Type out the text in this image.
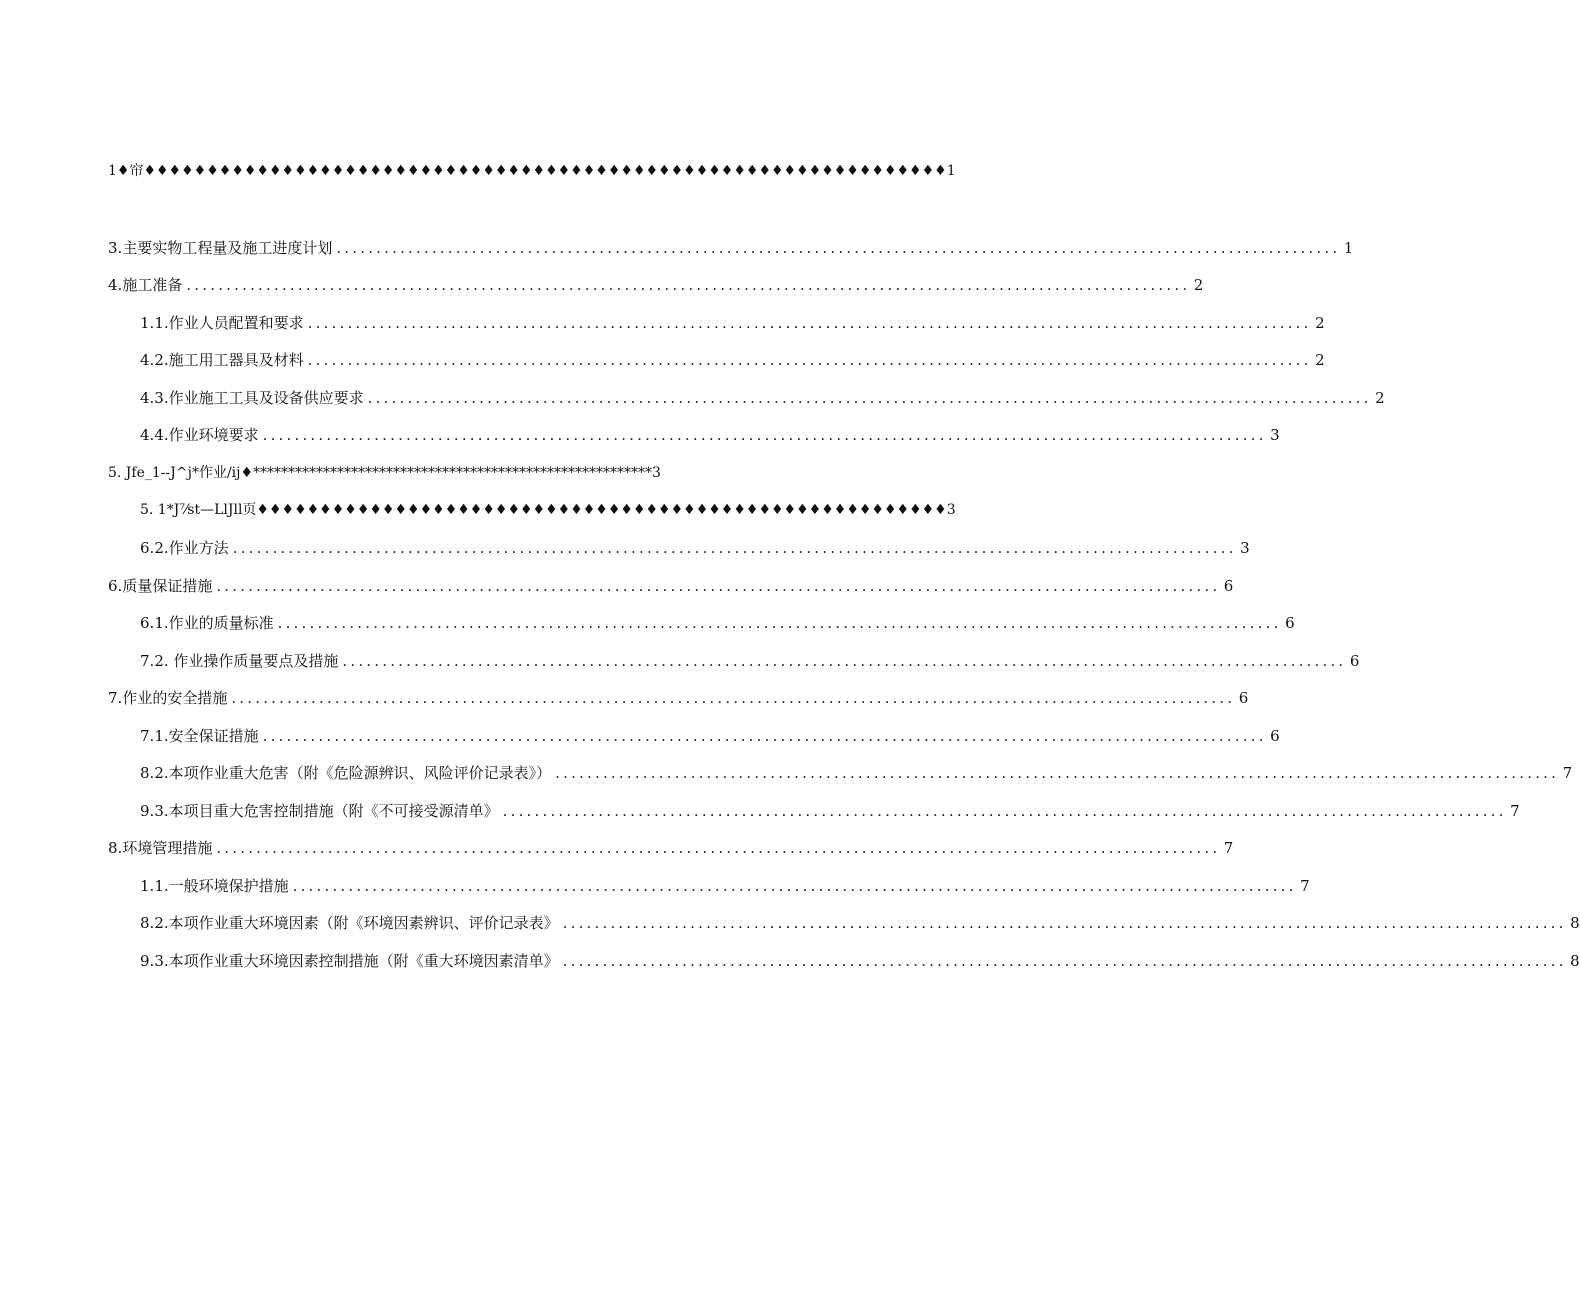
1♦帘♦♦♦♦♦♦♦♦♦♦♦♦♦♦♦♦♦♦♦♦♦♦♦♦♦♦♦♦♦♦♦♦♦♦♦♦♦♦♦♦♦♦♦♦♦♦♦♦♦♦♦♦♦♦♦♦♦♦♦♦♦♦♦♦1
3 .主要实物工程量及施工进度计划 .............................................................................................................................. 1
4 .施工准备 .............................................................................................................................. 2
1. 1.作业人员配置和要求 .............................................................................................................................. 2
4. 2.施工用工器具及材料 .............................................................................................................................. 2
4.3.作业施工工具及设备供应要求 .............................................................................................................................. 2
4. 4.作业环境要求 .............................................................................................................................. 3
5. Jfe_1--J^j*作业/ij♦*********************************************************3
5. 1*J⁷⁄st—LlJll页♦♦♦♦♦♦♦♦♦♦♦♦♦♦♦♦♦♦♦♦♦♦♦♦♦♦♦♦♦♦♦♦♦♦♦♦♦♦♦♦♦♦♦♦♦♦♦♦♦♦♦♦♦♦♦3
6. 2.作业方法 .............................................................................................................................. 3
6 .质量保证措施 .............................................................................................................................. 6
6. 1.作业的质量标准 .............................................................................................................................. 6
7. 2. 作业操作质量要点及措施 .............................................................................................................................. 6
7 .作业的安全措施 .............................................................................................................................. 6
7. 1.安全保证措施 .............................................................................................................................. 6
8. 2.本项作业重大危害（附《危险源辨识、风险评价记录表》） .............................................................................................................................. 7
9. 3.本项目重大危害控制措施（附《不可接受源清单》 .............................................................................................................................. 7
8 .环境管理措施 .............................................................................................................................. 7
1. 1.一般环境保护措施 .............................................................................................................................. 7
8. 2.本项作业重大环境因素（附《环境因素辨识、评价记录表》 .............................................................................................................................. 8
9. 3.本项作业重大环境因素控制措施（附《重大环境因素清单》 .............................................................................................................................. 8
